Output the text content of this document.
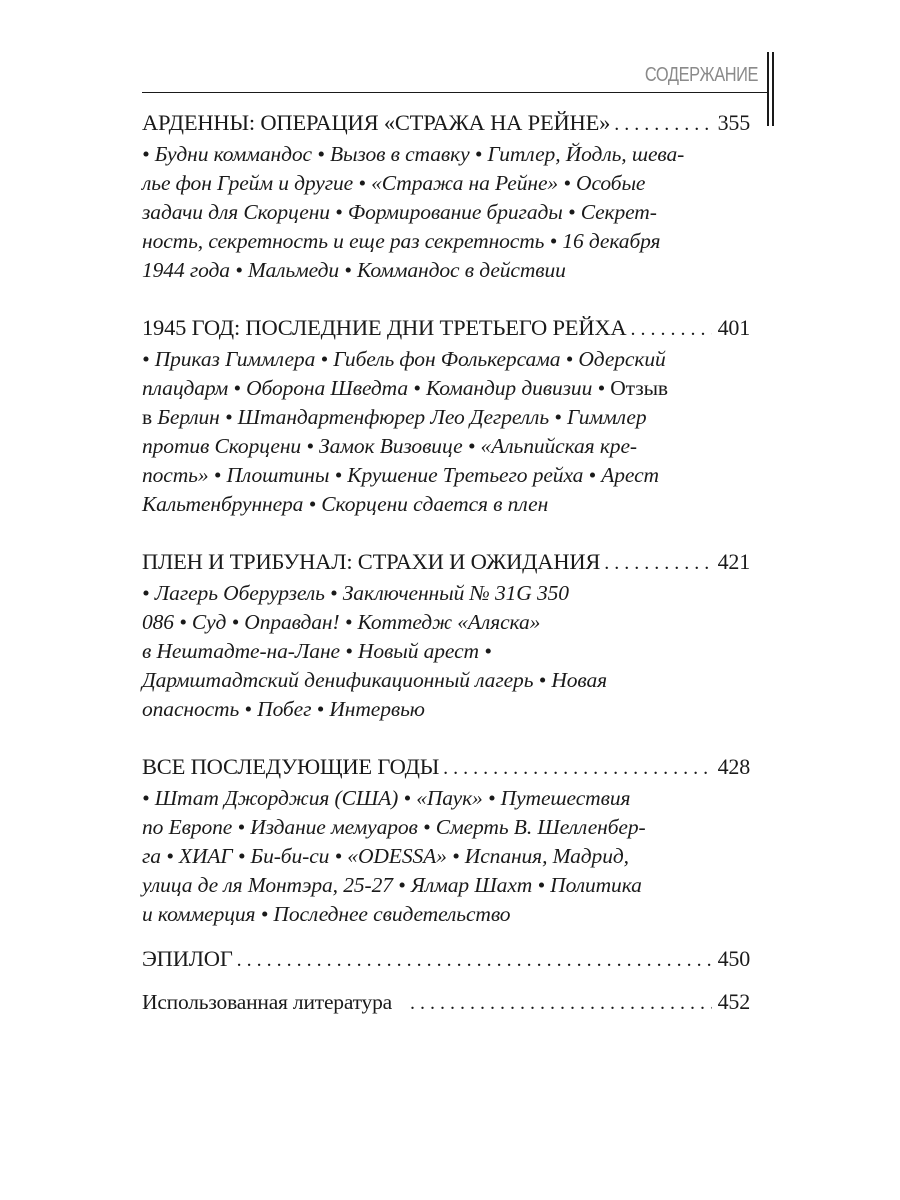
СОДЕРЖАНИЕ
АРДЕННЫ: ОПЕРАЦИЯ «СТРАЖА НА РЕЙНЕ» . . .	355
• Будни коммандос • Вызов в ставку • Гитлер, Йодль, шева-
лье фон Грейм и другие • «Стража на Рейне» • Особые
задачи для Скорцени • Формирование бригады • Секрет-
ность, секретность и еще раз секретность • 16 декабря
1944 года • Мальмеди • Коммандос в действии
1945 ГОД: ПОСЛЕДНИЕ ДНИ ТРЕТЬЕГО РЕЙХА . . .	401
• Приказ Гиммлера • Гибель фон Фолькерсама • Одерский
плацдарм • Оборона Шведта • Командир дивизии • Отзыв
в Берлин • Штандартенфюрер Лео Дегрелль • Гиммлер
против Скорцени • Замок Визовице • «Альпийская кре-
пость» • Плоштины • Крушение Третьего рейха • Арест
Кальтенбруннера • Скорцени сдается в плен
ПЛЕН И ТРИБУНАЛ: СТРАХИ И ОЖИДАНИЯ . . .	421
• Лагерь Оберурзель • Заключенный № 31G 350
086 • Суд • Оправдан! • Коттедж «Аляска»
в Нештадте-на-Лане • Новый арест •
Дармштадтский денификационный лагерь • Новая
опасность • Побег • Интервью
ВСЕ ПОСЛЕДУЮЩИЕ ГОДЫ . . .	428
• Штат Джорджия (США) • «Паук» • Путешествия
по Европе • Издание мемуаров • Смерть В. Шелленбер-
га • ХИАГ • Би-би-си • «ODESSA» • Испания, Мадрид,
улица де ля Монтэра, 25-27 • Ялмар Шахт • Политика
и коммерция • Последнее свидетельство
ЭПИЛОГ . . .	450
Использованная литература . . .	452
